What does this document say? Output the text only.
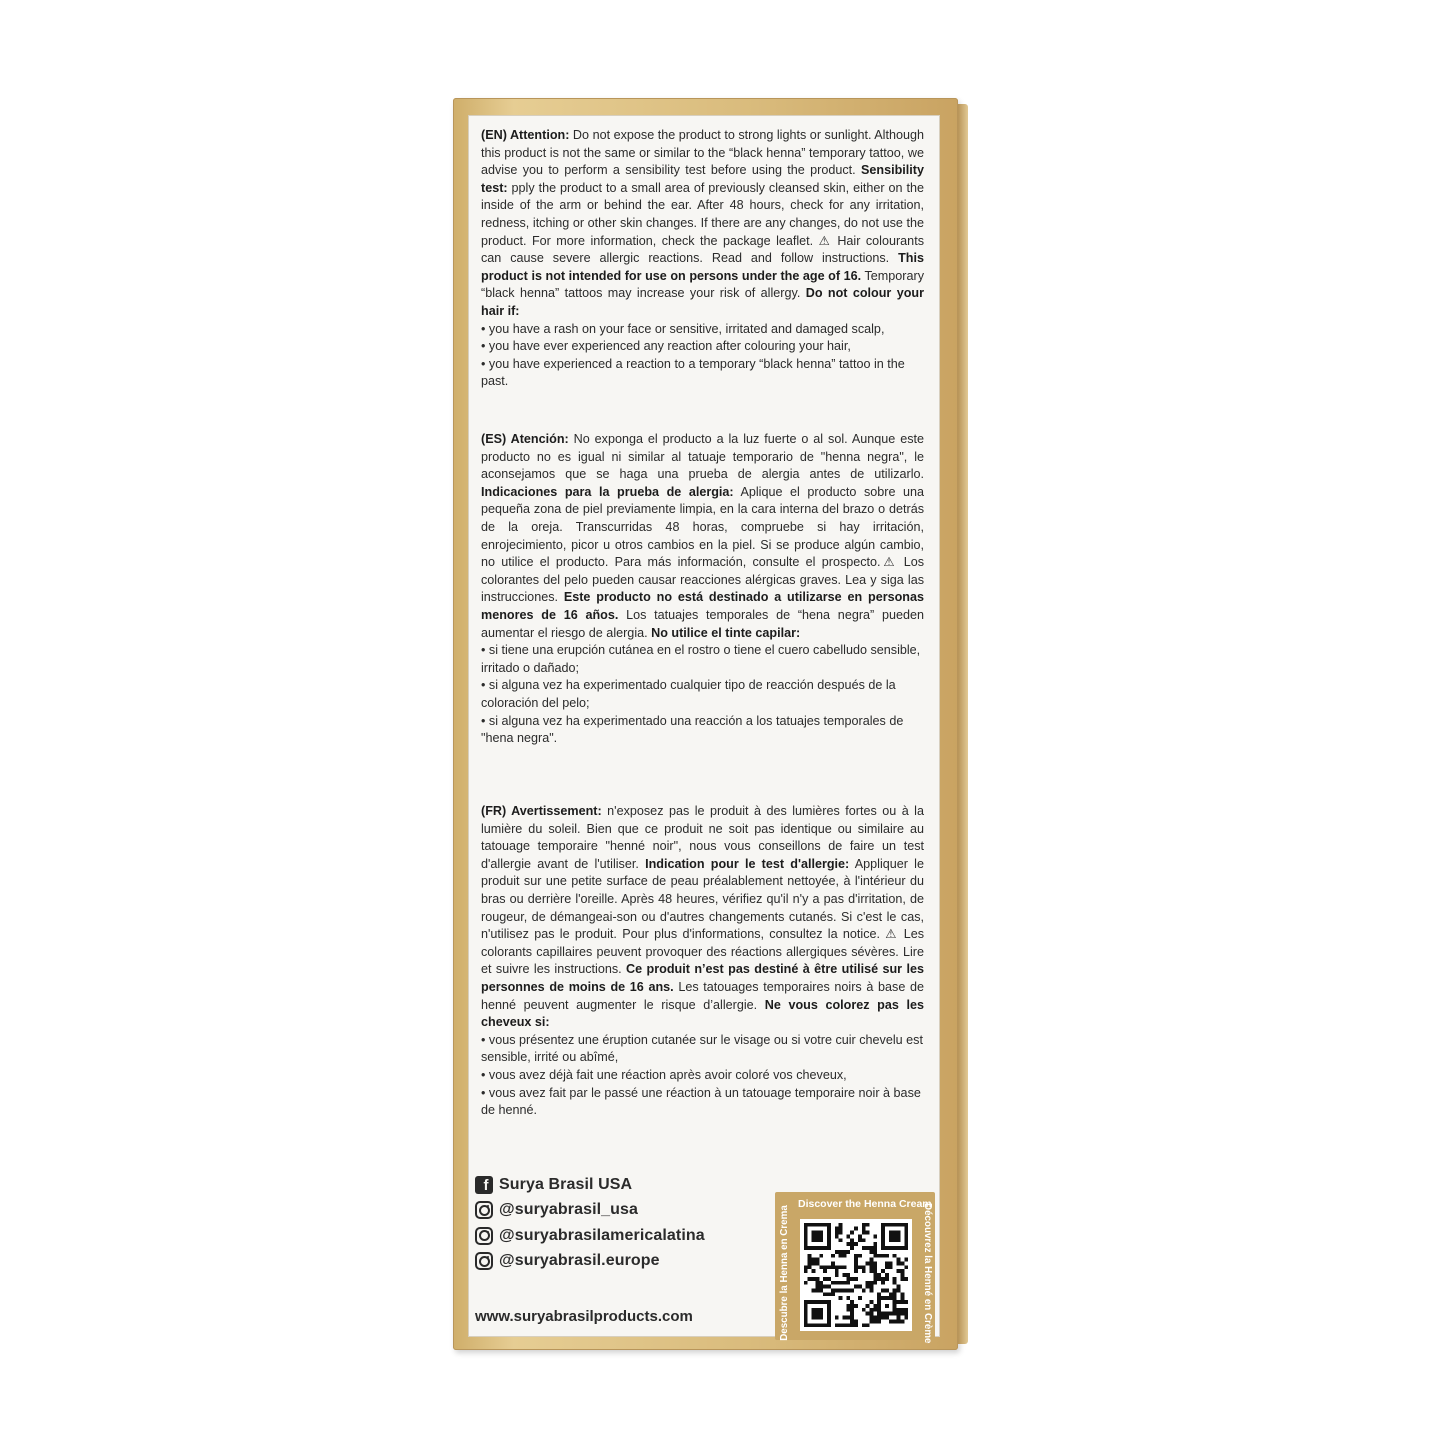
(EN) Attention: Do not expose the product to strong lights or sunlight. Although this product is not the same or similar to the “black henna” temporary tattoo, we advise you to perform a sensibility test before using the product. Sensibility test: pply the product to a small area of previously cleansed skin, either on the inside of the arm or behind the ear. After 48 hours, check for any irritation, redness, itching or other skin changes. If there are any changes, do not use the product. For more information, check the package leaflet. ⚠ Hair colourants can cause severe allergic reactions. Read and follow instructions. This product is not intended for use on persons under the age of 16. Temporary “black henna” tattoos may increase your risk of allergy. Do not colour your hair if:

• you have a rash on your face or sensitive, irritated and damaged scalp,

• you have ever experienced any reaction after colouring your hair,

• you have experienced a reaction to a temporary “black henna” tattoo in the past.

(ES) Atención: No exponga el producto a la luz fuerte o al sol. Aunque este producto no es igual ni similar al tatuaje temporario de "henna negra", le aconsejamos que se haga una prueba de alergia antes de utilizarlo. Indicaciones para la prueba de alergia: Aplique el producto sobre una pequeña zona de piel previamente limpia, en la cara interna del brazo o detrás de la oreja. Transcurridas 48 horas, compruebe si hay irritación, enrojecimiento, picor u otros cambios en la piel. Si se produce algún cambio, no utilice el producto. Para más información, consulte el prospecto.⚠ Los colorantes del pelo pueden causar reacciones alérgicas graves. Lea y siga las instrucciones. Este producto no está destinado a utilizarse en personas menores de 16 años. Los tatuajes temporales de “hena negra” pueden aumentar el riesgo de alergia. No utilice el tinte capilar:

• si tiene una erupción cutánea en el rostro o tiene el cuero cabelludo sensible, irritado o dañado;

• si alguna vez ha experimentado cualquier tipo de reacción después de la coloración del pelo;

• si alguna vez ha experimentado una reacción a los tatuajes temporales de "hena negra".

(FR) Avertissement: n'exposez pas le produit à des lumières fortes ou à la lumière du soleil. Bien que ce produit ne soit pas identique ou similaire au tatouage temporaire "henné noir", nous vous conseillons de faire un test d'allergie avant de l'utiliser. Indication pour le test d'allergie: Appliquer le produit sur une petite surface de peau préalablement nettoyée, à l'intérieur du bras ou derrière l'oreille. Après 48 heures, vérifiez qu'il n'y a pas d'irritation, de rougeur, de démangeai-son ou d'autres changements cutanés. Si c'est le cas, n'utilisez pas le produit. Pour plus d'informations, consultez la notice. ⚠ Les colorants capillaires peuvent provoquer des réactions allergiques sévères. Lire et suivre les instructions. Ce produit n’est pas destiné à être utilisé sur les personnes de moins de 16 ans. Les tatouages temporaires noirs à base de henné peuvent augmenter le risque d’allergie. Ne vous colorez pas les cheveux si:

• vous présentez une éruption cutanée sur le visage ou si votre cuir chevelu est sensible, irrité ou abîmé,

• vous avez déjà fait une réaction après avoir coloré vos cheveux,

• vous avez fait par le passé une réaction à un tatouage temporaire noir à base de henné.

f Surya Brasil USA
@suryabrasil_usa
@suryabrasilamericalatina
@suryabrasil.europe
www.suryabrasilproducts.com
Discover the Henna Cream
Descubre la Henna en Crema	Découvrez la Henné en Crème
